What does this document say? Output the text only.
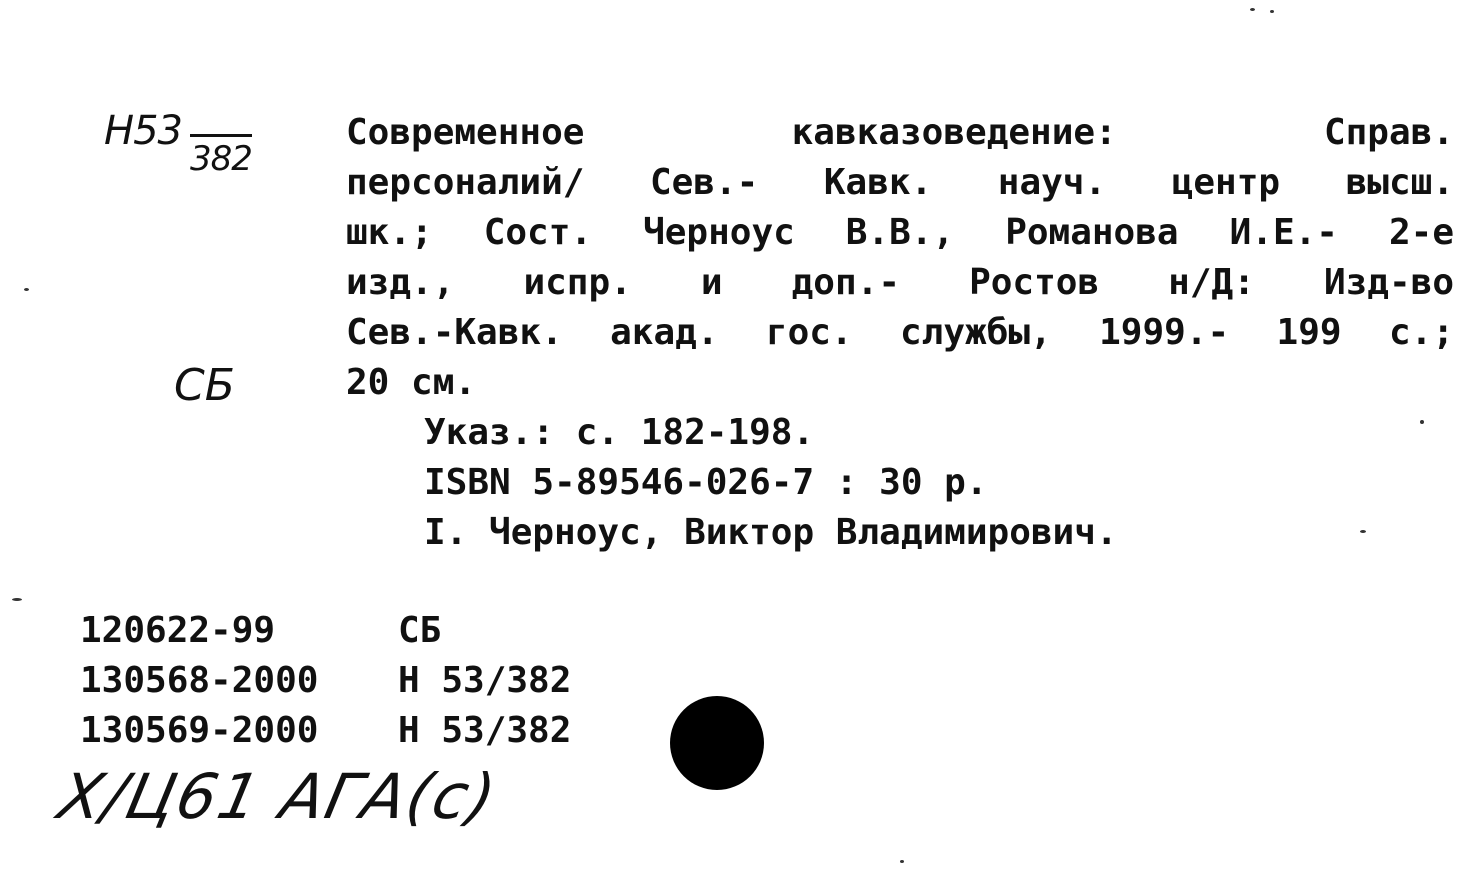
Н53
382
СБ
Современное кавказоведение: Справ.
персоналий/ Сев.- Кавк. науч. центр высш.
шк.; Сост. Черноус В.В., Романова И.Е.- 2-е
изд., испр. и доп.- Ростов н/Д: Изд-во
Сев.-Кавк. акад. гос. службы, 1999.- 199 с.;
20 см.
Указ.: с. 182-198.
ISBN 5-89546-026-7 : 30 р.
I. Черноус, Виктор Владимирович.
120622-99	СБ
130568-2000	Н 53/382
130569-2000	Н 53/382
Х/Ц61 АГА(с)
